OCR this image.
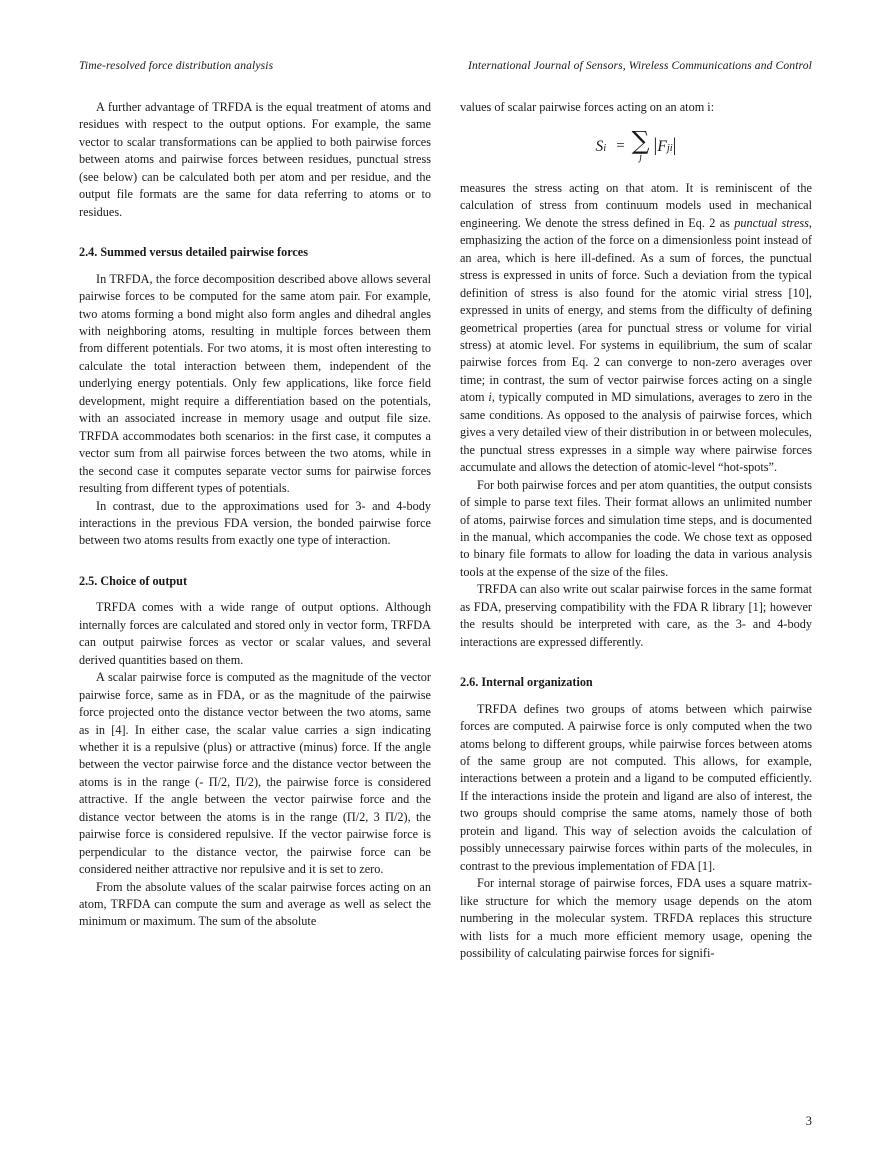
Time-resolved force distribution analysis	International Journal of Sensors, Wireless Communications and Control

A further advantage of TRFDA is the equal treatment of atoms and residues with respect to the output options. For example, the same vector to scalar transformations can be applied to both pairwise forces between atoms and pairwise forces between residues, punctual stress (see below) can be calculated both per atom and per residue, and the output file formats are the same for data referring to atoms or to residues.

2.4. Summed versus detailed pairwise forces

In TRFDA, the force decomposition described above allows several pairwise forces to be computed for the same atom pair. For example, two atoms forming a bond might also form angles and dihedral angles with neighboring atoms, resulting in multiple forces between them from different potentials. For two atoms, it is most often interesting to calculate the total interaction between them, independent of the underlying energy potentials. Only few applications, like force field development, might require a differentiation based on the potentials, with an associated increase in memory usage and output file size. TRFDA accommodates both scenarios: in the first case, it computes a vector sum from all pairwise forces between the two atoms, while in the second case it computes separate vector sums for pairwise forces resulting from different types of potentials.

In contrast, due to the approximations used for 3- and 4-body interactions in the previous FDA version, the bonded pairwise force between two atoms results from exactly one type of interaction.

2.5. Choice of output

TRFDA comes with a wide range of output options. Although internally forces are calculated and stored only in vector form, TRFDA can output pairwise forces as vector or scalar values, and several derived quantities based on them.

A scalar pairwise force is computed as the magnitude of the vector pairwise force, same as in FDA, or as the magnitude of the pairwise force projected onto the distance vector between the two atoms, same as in [4]. In either case, the scalar value carries a sign indicating whether it is a repulsive (plus) or attractive (minus) force. If the angle between the vector pairwise force and the distance vector between the atoms is in the range (- Π/2, Π/2), the pairwise force is considered attractive. If the angle between the vector pairwise force and the distance vector between the atoms is in the range (Π/2, 3 Π/2), the pairwise force is considered repulsive. If the vector pairwise force is perpendicular to the distance vector, the pairwise force can be considered neither attractive nor repulsive and it is set to zero.

From the absolute values of the scalar pairwise forces acting on an atom, TRFDA can compute the sum and average as well as select the minimum or maximum. The sum of the absolute

values of scalar pairwise forces acting on an atom i:

S i = ∑
j
| F ji |

measures the stress acting on that atom. It is reminiscent of the calculation of stress from continuum models used in mechanical engineering. We denote the stress defined in Eq. 2 as punctual stress, emphasizing the action of the force on a dimensionless point instead of an area, which is here ill-defined. As a sum of forces, the punctual stress is expressed in units of force. Such a deviation from the typical definition of stress is also found for the atomic virial stress [10], expressed in units of energy, and stems from the difficulty of defining geometrical properties (area for punctual stress or volume for virial stress) at atomic level. For systems in equilibrium, the sum of scalar pairwise forces from Eq. 2 can converge to non-zero averages over time; in contrast, the sum of vector pairwise forces acting on a single atom i, typically computed in MD simulations, averages to zero in the same conditions. As opposed to the analysis of pairwise forces, which gives a very detailed view of their distribution in or between molecules, the punctual stress expresses in a simple way where pairwise forces accumulate and allows the detection of atomic-level “hot-spots”.

For both pairwise forces and per atom quantities, the output consists of simple to parse text files. Their format allows an unlimited number of atoms, pairwise forces and simulation time steps, and is documented in the manual, which accompanies the code. We chose text as opposed to binary file formats to allow for loading the data in various analysis tools at the expense of the size of the files.

TRFDA can also write out scalar pairwise forces in the same format as FDA, preserving compatibility with the FDA R library [1]; however the results should be interpreted with care, as the 3- and 4-body interactions are expressed differently.

2.6. Internal organization

TRFDA defines two groups of atoms between which pairwise forces are computed. A pairwise force is only computed when the two atoms belong to different groups, while pairwise forces between atoms of the same group are not computed. This allows, for example, interactions between a protein and a ligand to be computed efficiently. If the interactions inside the protein and ligand are also of interest, the two groups should comprise the same atoms, namely those of both protein and ligand. This way of selection avoids the calculation of possibly unnecessary pairwise forces within parts of the molecules, in contrast to the previous implementation of FDA [1].

For internal storage of pairwise forces, FDA uses a square matrix-like structure for which the memory usage depends on the atom numbering in the molecular system. TRFDA replaces this structure with lists for a much more efficient memory usage, opening the possibility of calculating pairwise forces for signifi-

3
